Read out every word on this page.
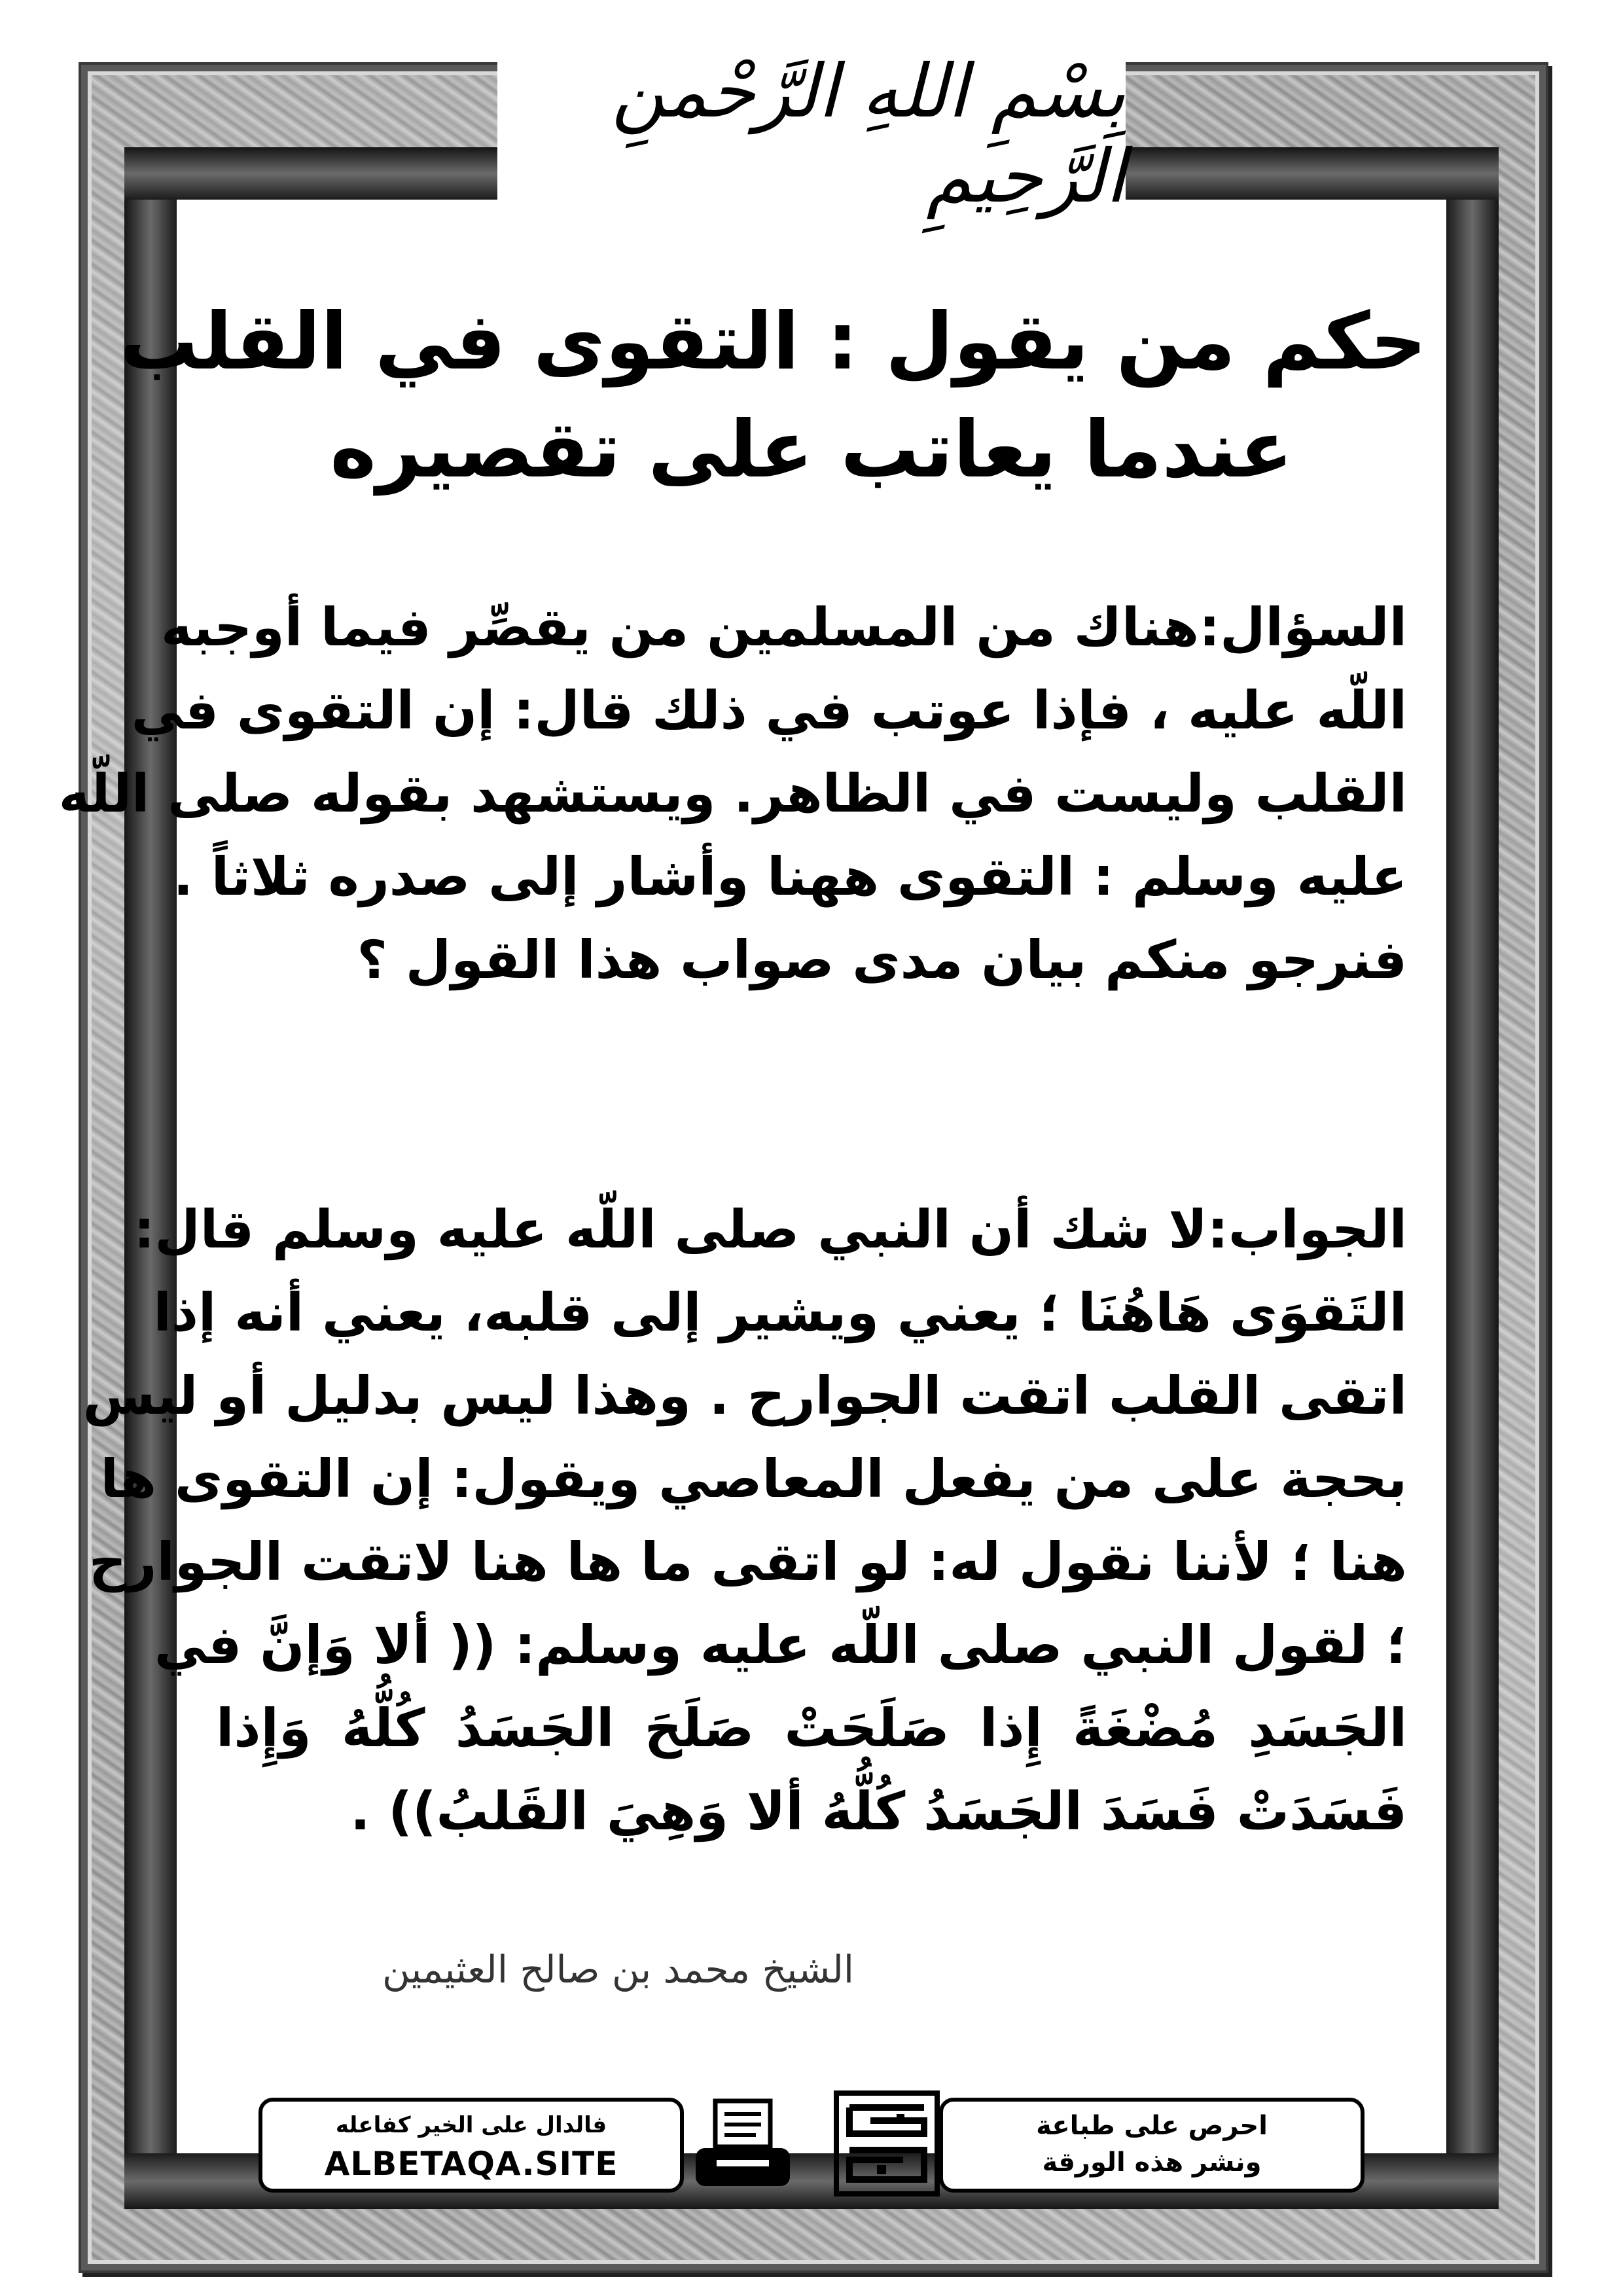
بِسْمِ اللهِ الرَّحْمنِ الرَّحِيمِ
حكم من يقول : التقوى في القلب
عندما يعاتب على تقصيره
السؤال:هناك من المسلمين من يقصِّر فيما أوجبه
اللّه عليه ، فإذا عوتب في ذلك قال: إن التقوى في
القلب وليست في الظاهر. ويستشهد بقوله صلى اللّه
عليه وسلم : التقوى ههنا وأشار إلى صدره ثلاثاً .
فنرجو منكم بيان مدى صواب هذا القول ؟
الجواب:لا شك أن النبي صلى اللّه عليه وسلم قال:
التَقوَى هَاهُنَا ؛ يعني ويشير إلى قلبه، يعني أنه إذا
اتقى القلب اتقت الجوارح . وهذا ليس بدليل أو ليس
بحجة على من يفعل المعاصي ويقول: إن التقوى ها
هنا ؛ لأننا نقول له: لو اتقى ما ها هنا لاتقت الجوارح
؛ لقول النبي صلى اللّه عليه وسلم: (( ألا وَإنَّ في
الجَسَدِ مُضْغَةً إِذا صَلَحَتْ صَلَحَ الجَسَدُ كُلُّهُ وَإِذا
فَسَدَتْ فَسَدَ الجَسَدُ كُلُّهُ ألا وَهِيَ القَلبُ)) .
الشيخ محمد بن صالح العثيمين
فالدال على الخير كفاعله
ALBETAQA.SITE
احرص على طباعة
ونشر هذه الورقة
